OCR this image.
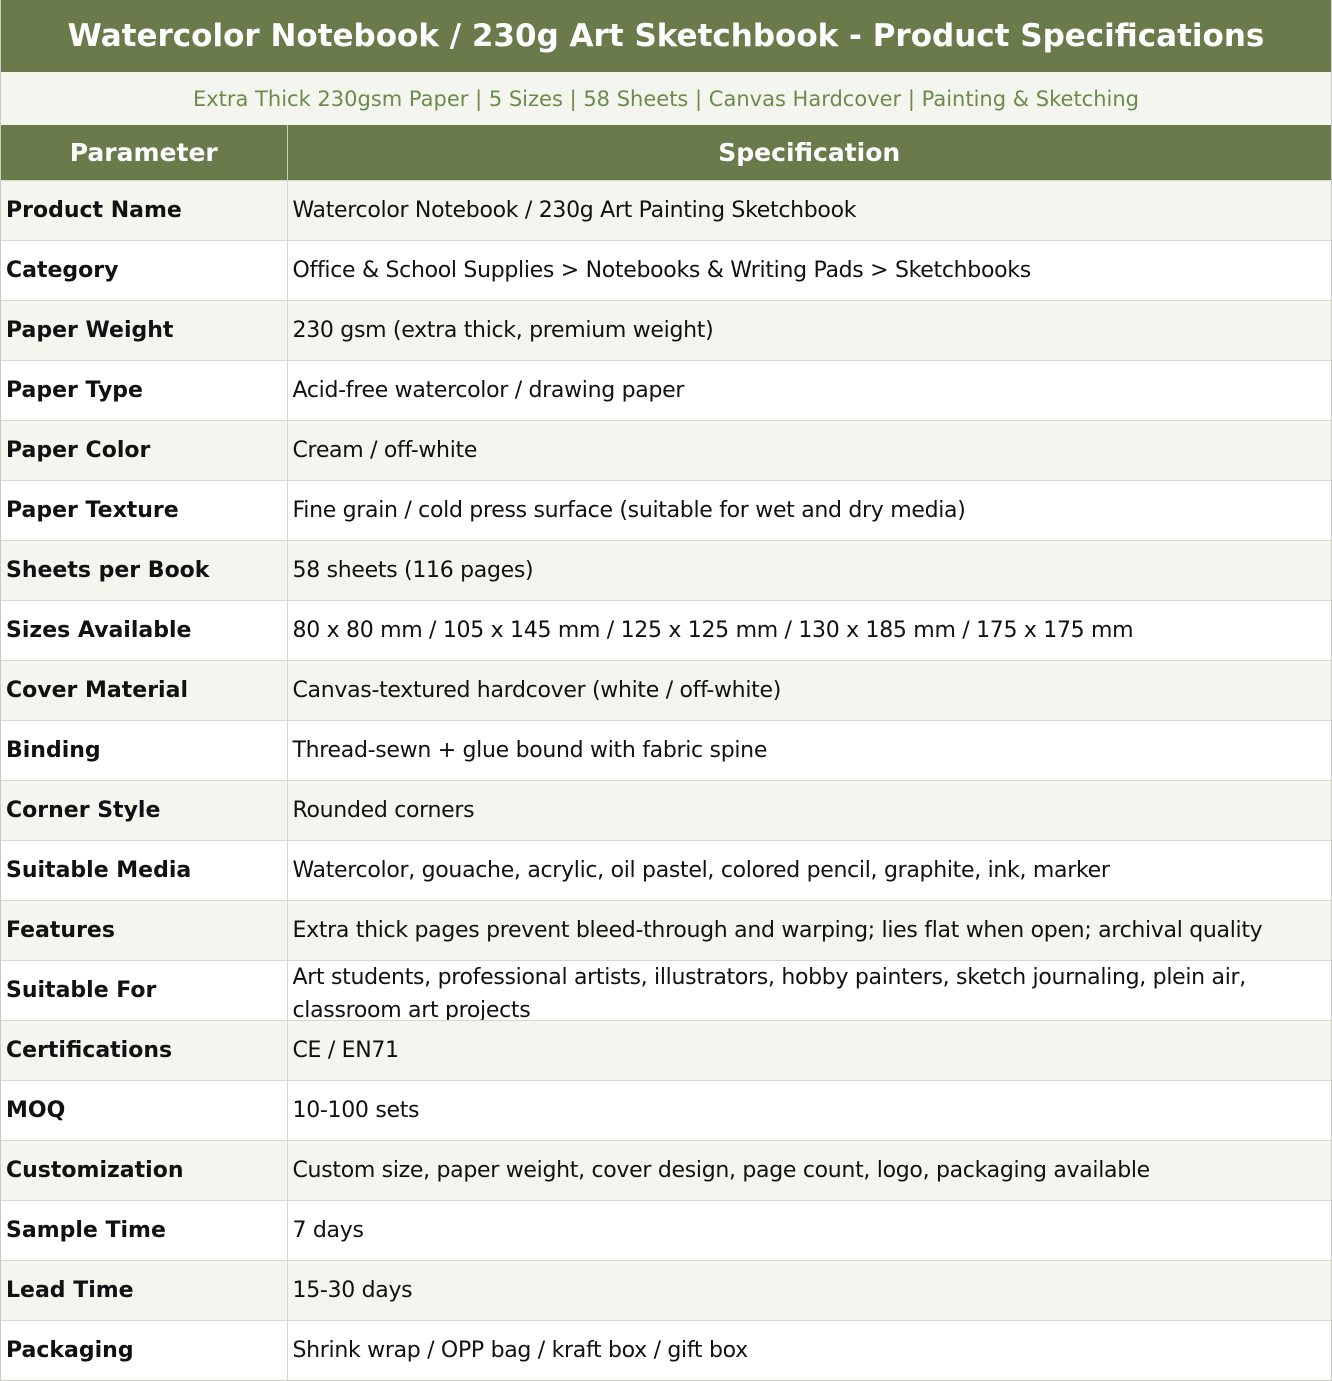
Watercolor Notebook / 230g Art Sketchbook - Product Specifications
Extra Thick 230gsm Paper | 5 Sizes | 58 Sheets | Canvas Hardcover | Painting & Sketching
Parameter	Specification
Product Name	Watercolor Notebook / 230g Art Painting Sketchbook
Category	Office & School Supplies > Notebooks & Writing Pads > Sketchbooks
Paper Weight	230 gsm (extra thick, premium weight)
Paper Type	Acid-free watercolor / drawing paper
Paper Color	Cream / off-white
Paper Texture	Fine grain / cold press surface (suitable for wet and dry media)
Sheets per Book	58 sheets (116 pages)
Sizes Available	80 x 80 mm / 105 x 145 mm / 125 x 125 mm / 130 x 185 mm / 175 x 175 mm
Cover Material	Canvas-textured hardcover (white / off-white)
Binding	Thread-sewn + glue bound with fabric spine
Corner Style	Rounded corners
Suitable Media	Watercolor, gouache, acrylic, oil pastel, colored pencil, graphite, ink, marker
Features	Extra thick pages prevent bleed-through and warping; lies flat when open; archival quality
Suitable For	Art students, professional artists, illustrators, hobby painters, sketch journaling, plein air, classroom art projects

Certifications	CE / EN71
MOQ	10-100 sets
Customization	Custom size, paper weight, cover design, page count, logo, packaging available
Sample Time	7 days
Lead Time	15-30 days
Packaging	Shrink wrap / OPP bag / kraft box / gift box
